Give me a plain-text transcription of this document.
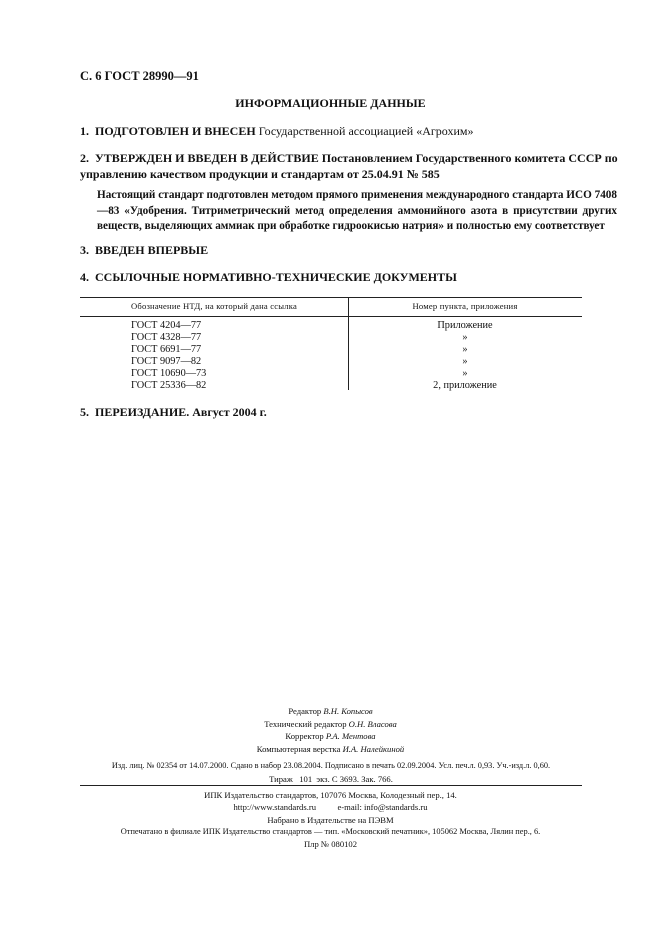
С. 6 ГОСТ 28990—91
ИНФОРМАЦИОННЫЕ ДАННЫЕ
1. ПОДГОТОВЛЕН И ВНЕСЕН Государственной ассоциацией «Агрохим»
2. УТВЕРЖДЕН И ВВЕДЕН В ДЕЙСТВИЕ Постановлением Государственного комитета СССР по управлению качеством продукции и стандартам от 25.04.91 № 585
Настоящий стандарт подготовлен методом прямого применения международного стандарта ИСО 7408—83 «Удобрения. Титриметрический метод определения аммонийного азота в присутствии других веществ, выделяющих аммиак при обработке гидроокисью натрия» и полностью ему соответствует
3. ВВЕДЕН ВПЕРВЫЕ
4. ССЫЛОЧНЫЕ НОРМАТИВНО-ТЕХНИЧЕСКИЕ ДОКУМЕНТЫ
Обозначение НТД, на который дана ссылка	Номер пункта, приложения
ГОСТ 4204—77	Приложение
ГОСТ 4328—77	»
ГОСТ 6691—77	»
ГОСТ 9097—82	»
ГОСТ 10690—73	»
ГОСТ 25336—82	2, приложение
5. ПЕРЕИЗДАНИЕ. Август 2004 г.
Редактор В.Н. Копысов
Технический редактор О.Н. Власова
Корректор Р.А. Ментова
Компьютерная верстка И.А. Налейкиной
Изд. лиц. № 02354 от 14.07.2000. Сдано в набор 23.08.2004. Подписано в печать 02.09.2004. Усл. печ.л. 0,93. Уч.-изд.л. 0,60.
Тираж   101  экз. С 3693. Зак. 766.
ИПК Издательство стандартов, 107076 Москва, Колодезный пер., 14.
http://www.standards.ru          e-mail: info@standards.ru
Набрано в Издательстве на ПЭВМ
Отпечатано в филиале ИПК Издательство стандартов — тип. «Московский печатник», 105062 Москва, Лялин пер., 6.
Плр № 080102
